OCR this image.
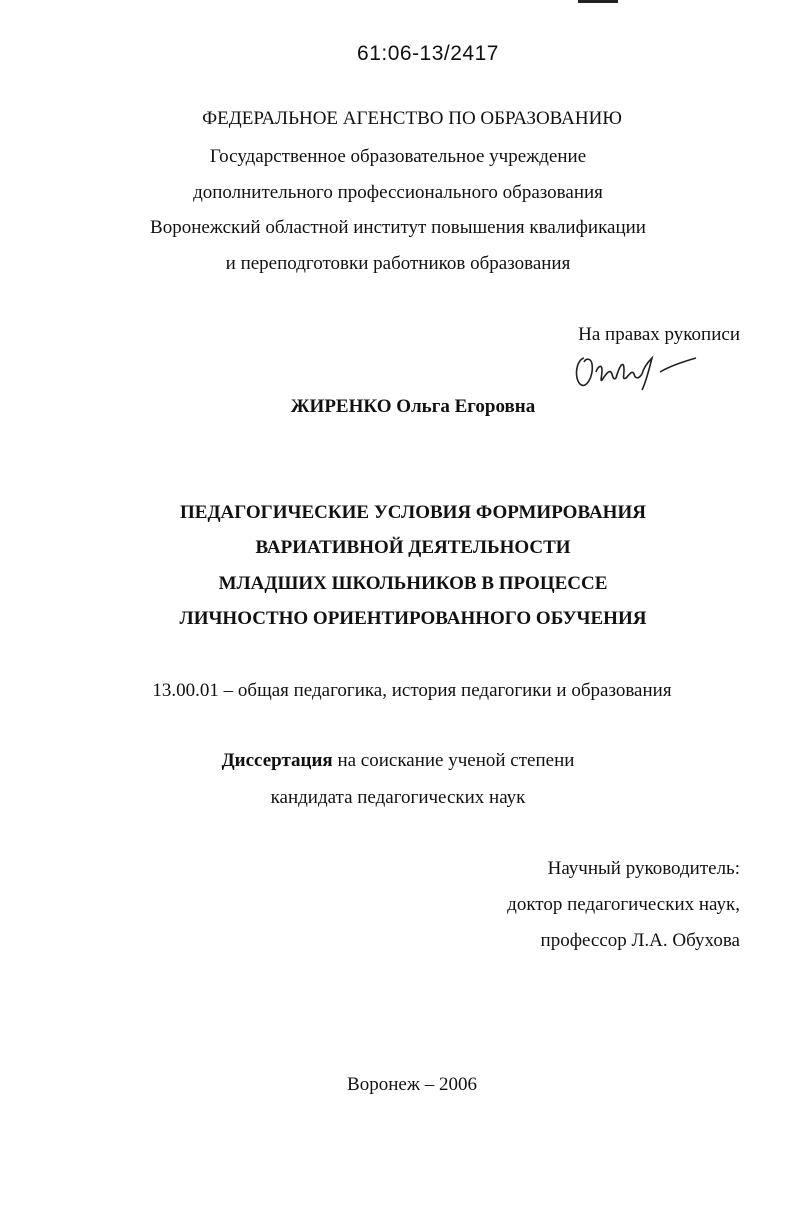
61:06-13/2417
ФЕДЕРАЛЬНОЕ АГЕНСТВО ПО ОБРАЗОВАНИЮ
Государственное образовательное учреждение
дополнительного профессионального образования
Воронежский областной институт повышения квалификации
и переподготовки работников образования
На правах рукописи
ЖИРЕНКО Ольга Егоровна
ПЕДАГОГИЧЕСКИЕ УСЛОВИЯ ФОРМИРОВАНИЯ
ВАРИАТИВНОЙ ДЕЯТЕЛЬНОСТИ
МЛАДШИХ ШКОЛЬНИКОВ В ПРОЦЕССЕ
ЛИЧНОСТНО ОРИЕНТИРОВАННОГО ОБУЧЕНИЯ
13.00.01 – общая педагогика, история педагогики и образования
Диссертация на соискание ученой степени
кандидата педагогических наук
Научный руководитель:
доктор педагогических наук,
профессор Л.А. Обухова
Воронеж – 2006
